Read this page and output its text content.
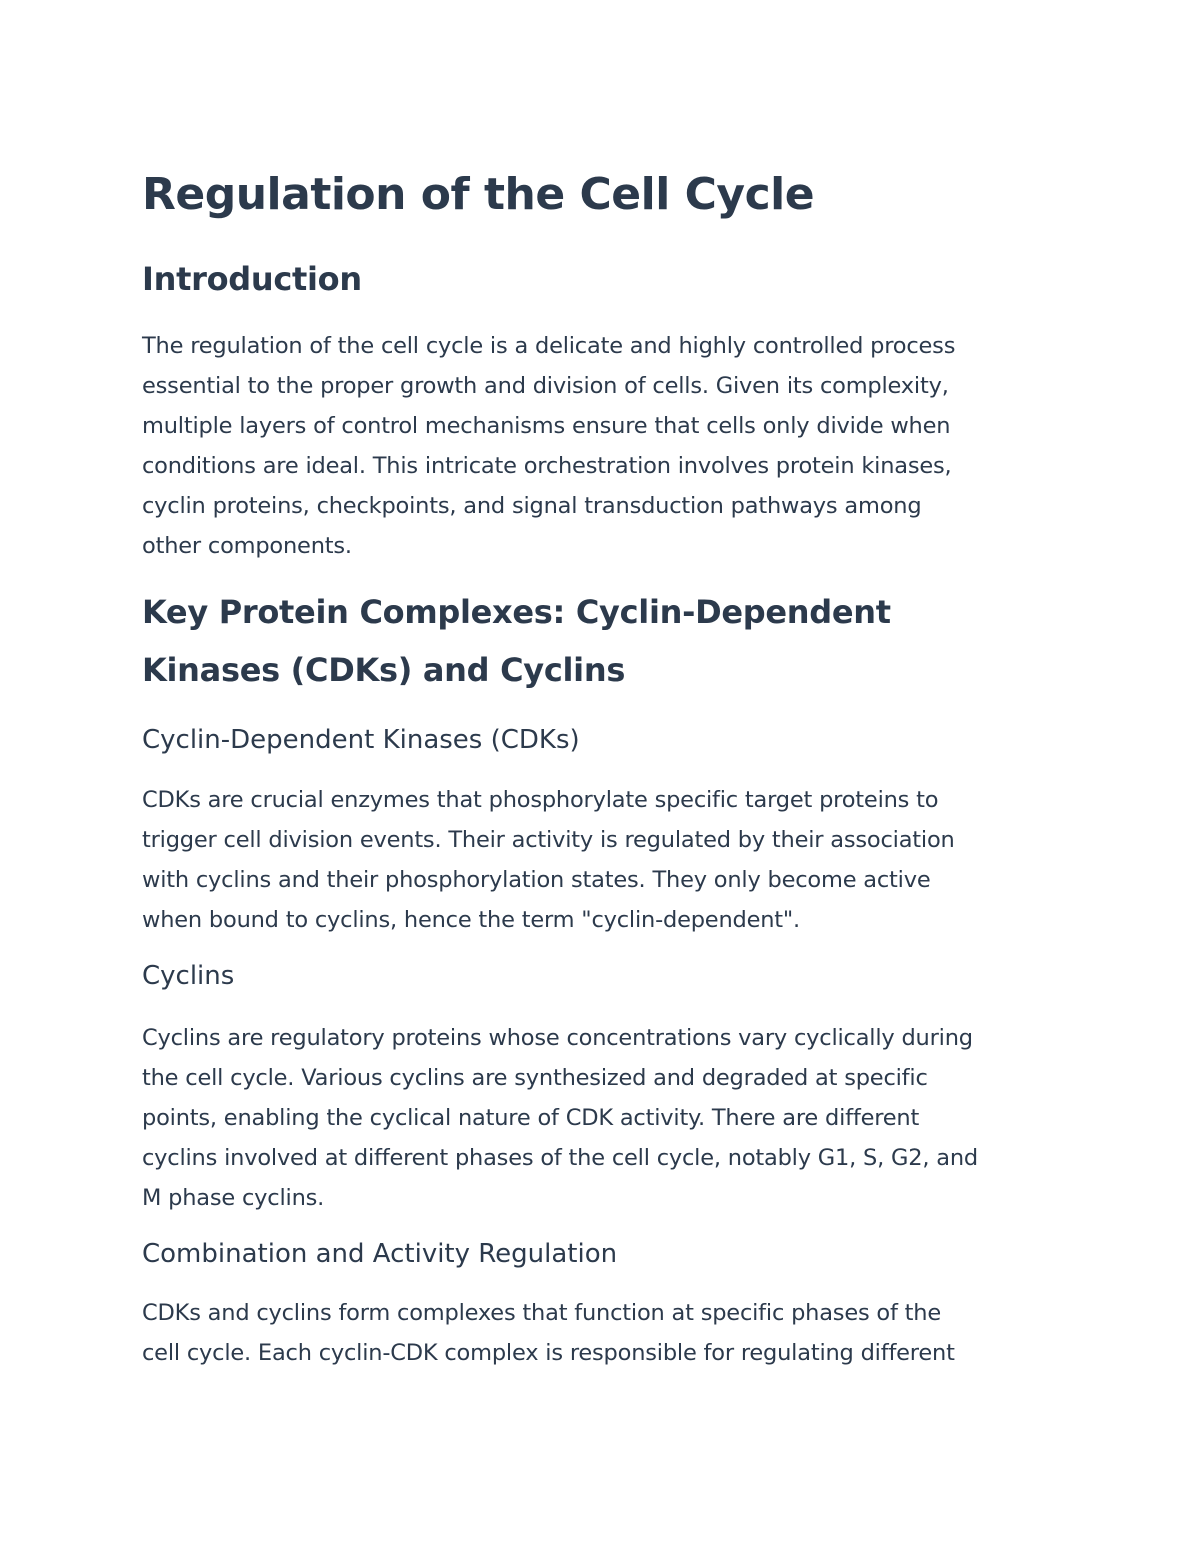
Regulation of the Cell Cycle
Introduction

The regulation of the cell cycle is a delicate and highly controlled process
essential to the proper growth and division of cells. Given its complexity,
multiple layers of control mechanisms ensure that cells only divide when
conditions are ideal. This intricate orchestration involves protein kinases,
cyclin proteins, checkpoints, and signal transduction pathways among
other components.

Key Protein Complexes: Cyclin-Dependent
Kinases (CDKs) and Cyclins
Cyclin-Dependent Kinases (CDKs)

CDKs are crucial enzymes that phosphorylate specific target proteins to
trigger cell division events. Their activity is regulated by their association
with cyclins and their phosphorylation states. They only become active
when bound to cyclins, hence the term "cyclin-dependent".

Cyclins

Cyclins are regulatory proteins whose concentrations vary cyclically during
the cell cycle. Various cyclins are synthesized and degraded at specific
points, enabling the cyclical nature of CDK activity. There are different
cyclins involved at different phases of the cell cycle, notably G1, S, G2, and
M phase cyclins.

Combination and Activity Regulation

CDKs and cyclins form complexes that function at specific phases of the
cell cycle. Each cyclin-CDK complex is responsible for regulating different
